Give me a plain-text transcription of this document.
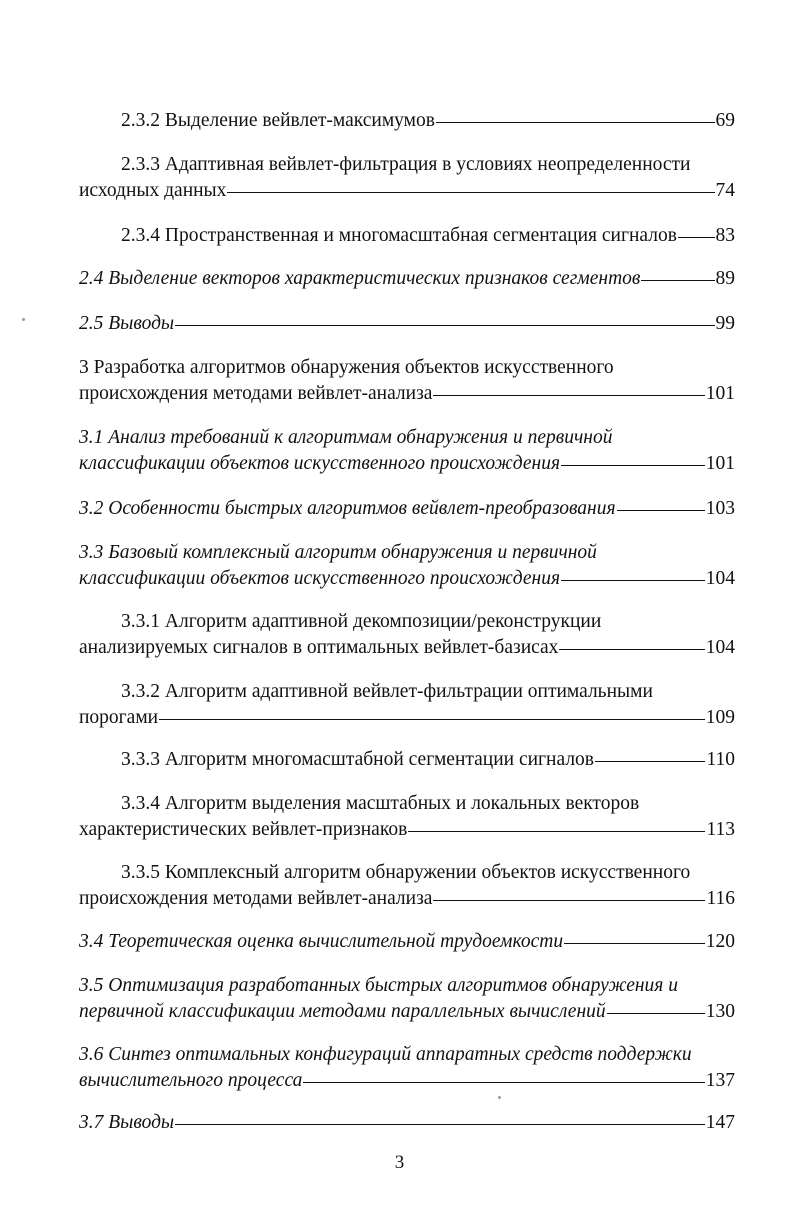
2.3.2 Выделение вейвлет-максимумов	69
2.3.3 Адаптивная вейвлет-фильтрация в условиях неопределенности
исходных данных	74
2.3.4 Пространственная и многомасштабная сегментация сигналов 83
2.4 Выделение векторов характеристических признаков сегментов	89
2.5 Выводы	99
3 Разработка алгоритмов обнаружения объектов искусственного
происхождения методами вейвлет-анализа	101
3.1 Анализ требований к алгоритмам обнаружения и первичной
классификации объектов искусственного происхождения	101
3.2 Особенности быстрых алгоритмов вейвлет-преобразования	103
3.3 Базовый комплексный алгоритм обнаружения и первичной
классификации объектов искусственного происхождения	104
3.3.1 Алгоритм адаптивной декомпозиции/реконструкции
анализируемых сигналов в оптимальных вейвлет-базисах	104
3.3.2 Алгоритм адаптивной вейвлет-фильтрации оптимальными
порогами	109
3.3.3 Алгоритм многомасштабной сегментации сигналов	110
3.3.4 Алгоритм выделения масштабных и локальных векторов
характеристических вейвлет-признаков	113
3.3.5 Комплексный алгоритм обнаружении объектов искусственного
происхождения методами вейвлет-анализа	116
3.4 Теоретическая оценка вычислительной трудоемкости	120
3.5 Оптимизация разработанных быстрых алгоритмов обнаружения и
первичной классификации методами параллельных вычислений	130
3.6 Синтез оптимальных конфигураций аппаратных средств поддержки
вычислительного процесса	137
3.7 Выводы	147
3
